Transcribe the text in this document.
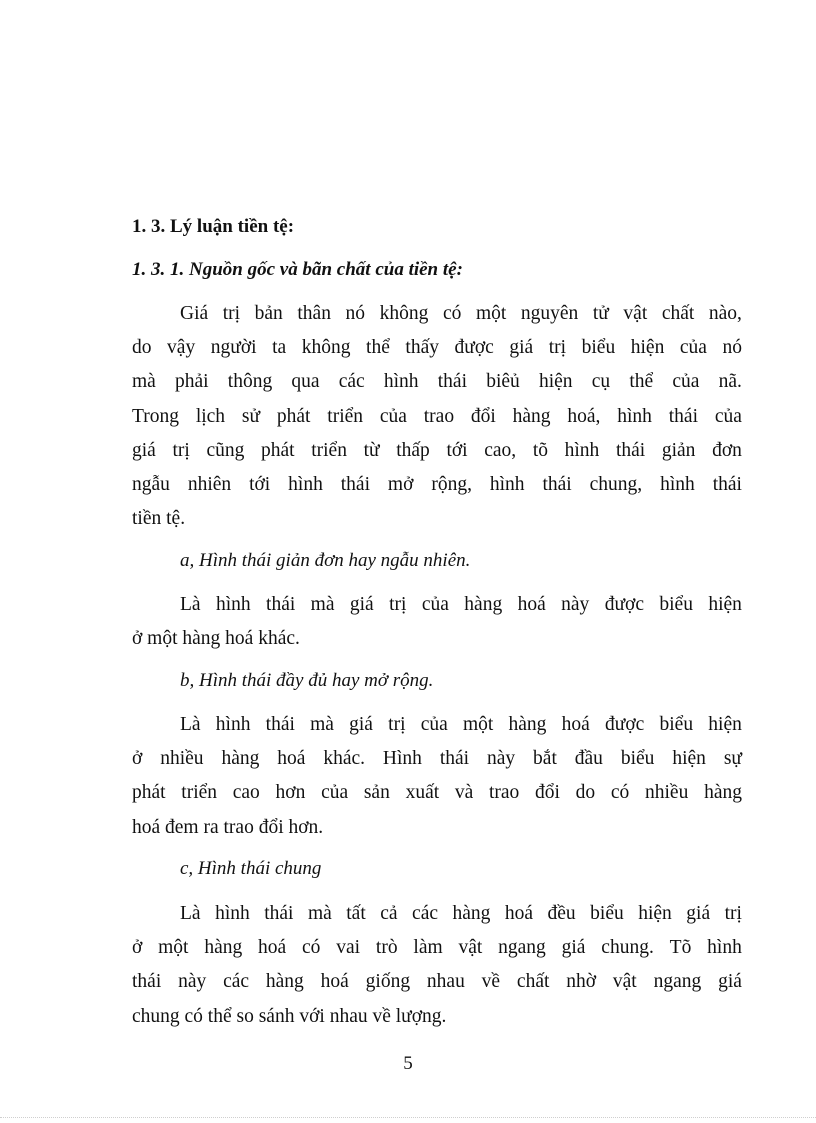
1. 3. Lý luận tiền tệ:
1. 3. 1. Nguồn gốc và bãn chất của tiền tệ:
Giá trị bản thân nó không có một nguyên tử vật chất nào,
do vậy người ta không thể thấy được giá trị biểu hiện của nó
mà phải thông qua các hình thái biêủ hiện cụ thể của nã.
Trong lịch sử phát triển của trao đổi hàng hoá, hình thái của
giá trị cũng phát triển từ thấp tới cao, tõ hình thái giản đơn
ngẫu nhiên tới hình thái mở rộng, hình thái chung, hình thái
tiền tệ.
a, Hình thái giản đơn hay ngẫu nhiên.
Là hình thái mà giá trị của hàng hoá này được biểu hiện
ở một hàng hoá khác.
b, Hình thái đầy đủ hay mở rộng.
Là hình thái mà giá trị của một hàng hoá được biểu hiện
ở nhiều hàng hoá khác. Hình thái này bắt đầu biểu hiện sự
phát triển cao hơn của sản xuất và trao đổi do có nhiều hàng
hoá đem ra trao đổi hơn.
c, Hình thái chung
Là hình thái mà tất cả các hàng hoá đều biểu hiện giá trị
ở một hàng hoá có vai trò làm vật ngang giá chung. Tõ hình
thái này các hàng hoá giống nhau về chất nhờ vật ngang giá
chung có thể so sánh với nhau về lượng.
5
